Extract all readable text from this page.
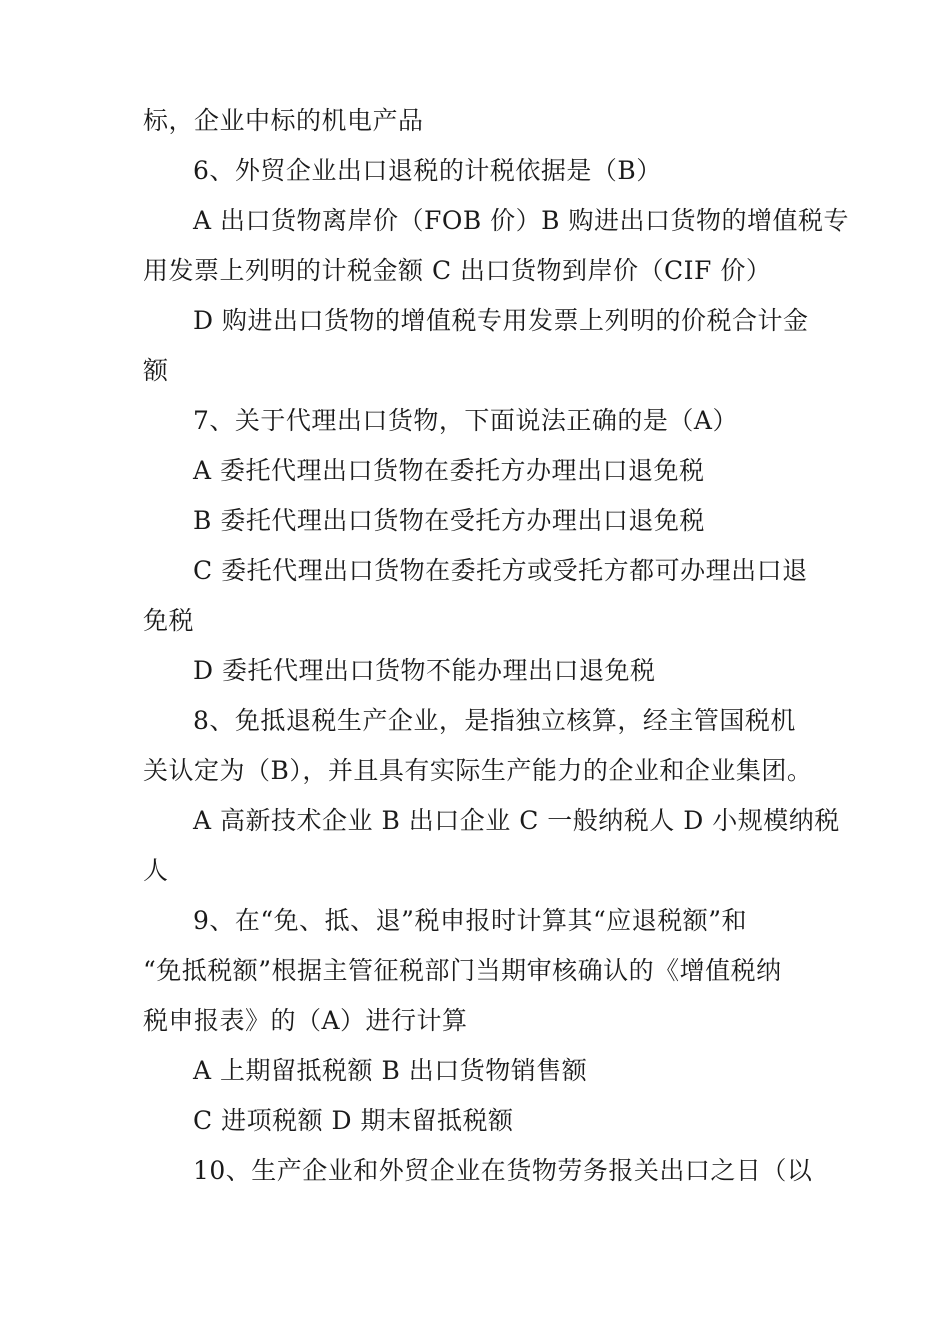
标，企业中标的机电产品
6、外贸企业出口退税的计税依据是（B）
A 出口货物离岸价（FOB 价）B 购进出口货物的增值税专
用发票上列明的计税金额 C 出口货物到岸价（CIF 价）
D 购进出口货物的增值税专用发票上列明的价税合计金
额
7、关于代理出口货物，下面说法正确的是（A）
A 委托代理出口货物在委托方办理出口退免税
B 委托代理出口货物在受托方办理出口退免税
C 委托代理出口货物在委托方或受托方都可办理出口退
免税
D 委托代理出口货物不能办理出口退免税
8、免抵退税生产企业，是指独立核算，经主管国税机
关认定为（B），并且具有实际生产能力的企业和企业集团。
A 高新技术企业 B 出口企业 C 一般纳税人 D 小规模纳税
人
9、在“免、抵、退”税申报时计算其“应退税额”和
“免抵税额”根据主管征税部门当期审核确认的《增值税纳
税申报表》的（A）进行计算
A 上期留抵税额 B 出口货物销售额
C 进项税额 D 期末留抵税额
10、生产企业和外贸企业在货物劳务报关出口之日（以
